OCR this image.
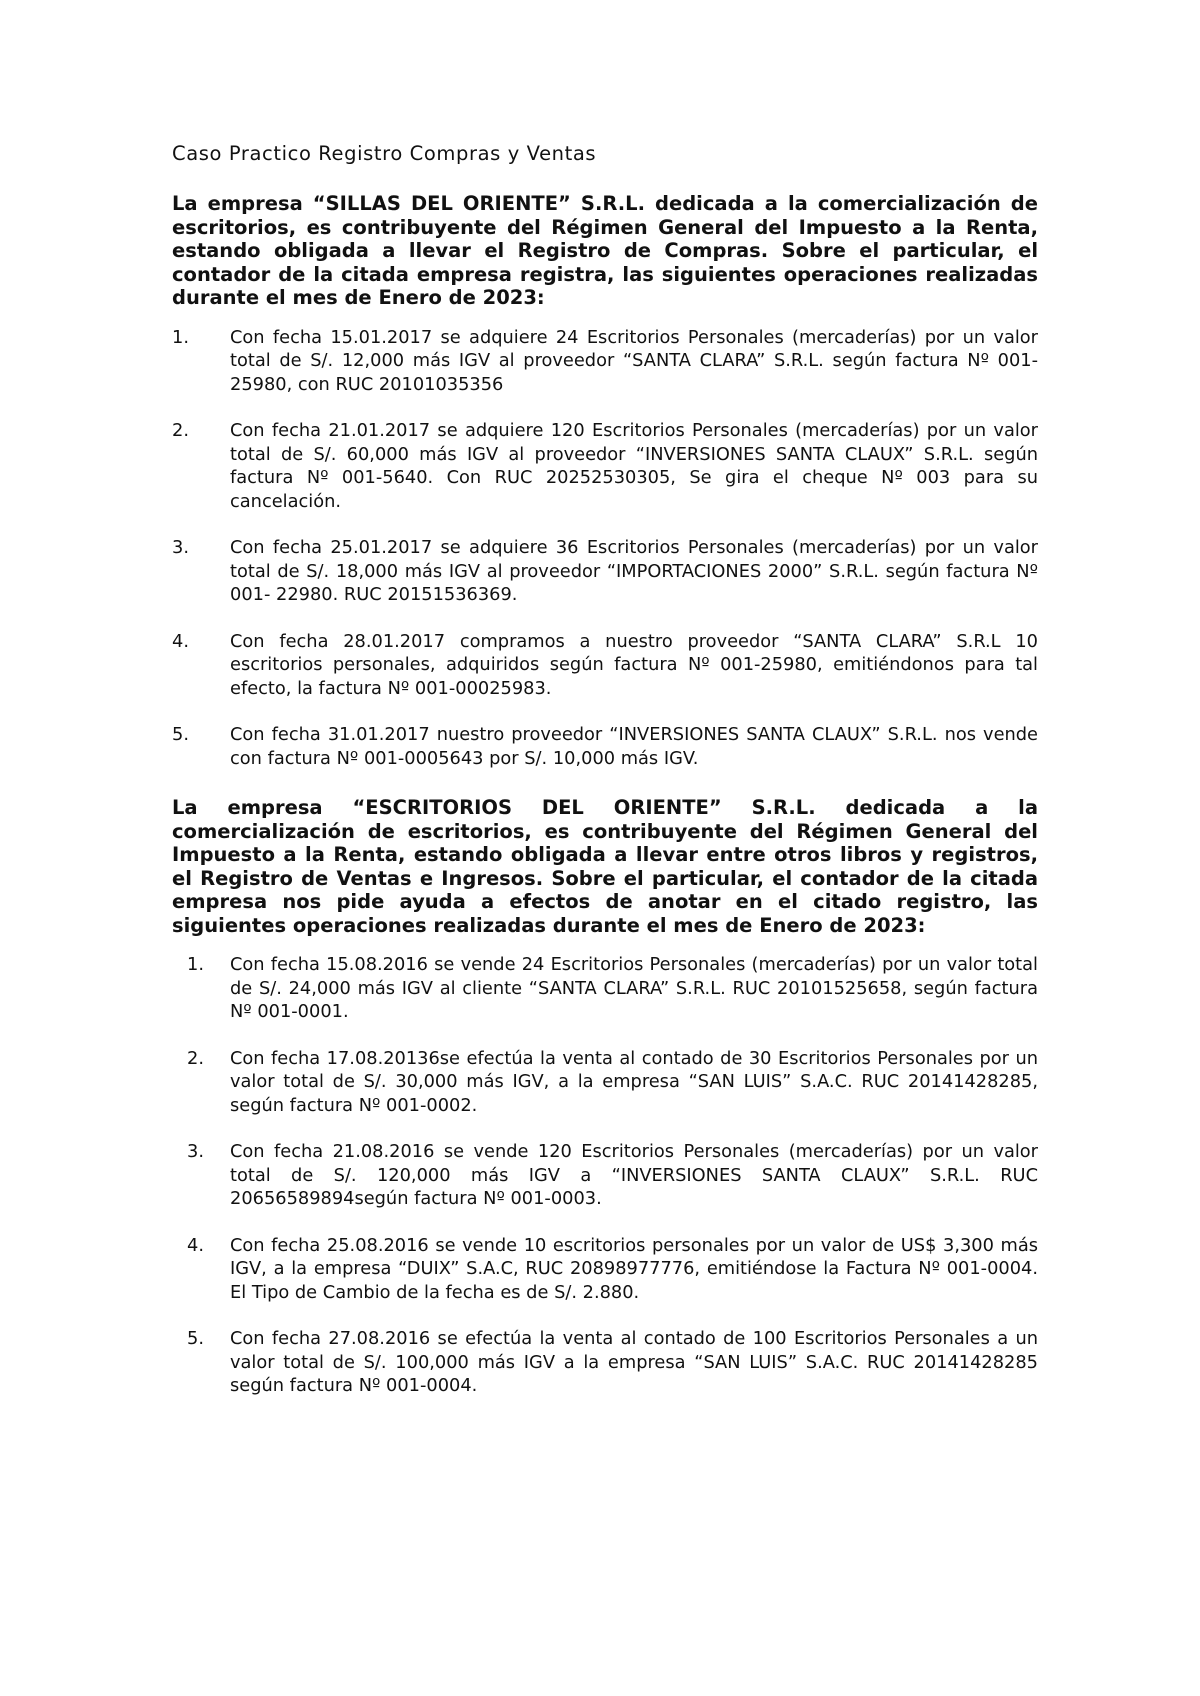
Caso Practico Registro Compras y Ventas

La empresa “SILLAS DEL ORIENTE” S.R.L. dedicada a la comercialización de escritorios, es contribuyente del Régimen General del Impuesto a la Renta, estando obligada a llevar el Registro de Compras. Sobre el particular, el contador de la citada empresa registra, las siguientes operaciones realizadas durante el mes de Enero de 2023:

1. Con fecha 15.01.2017 se adquiere 24 Escritorios Personales (mercaderías) por un valor total de S/. 12,000 más IGV al proveedor “SANTA CLARA” S.R.L. según factura Nº 001-25980, con RUC 20101035356
2. Con fecha 21.01.2017 se adquiere 120 Escritorios Personales (mercaderías) por un valor total de S/. 60,000 más IGV al proveedor “INVERSIONES SANTA CLAUX” S.R.L. según factura Nº 001-5640. Con RUC 20252530305, Se gira el cheque Nº 003 para su cancelación.
3. Con fecha 25.01.2017 se adquiere 36 Escritorios Personales (mercaderías) por un valor total de S/. 18,000 más IGV al proveedor “IMPORTACIONES 2000” S.R.L. según factura Nº 001- 22980. RUC 20151536369.
4. Con fecha 28.01.2017 compramos a nuestro proveedor “SANTA CLARA” S.R.L 10 escritorios personales, adquiridos según factura Nº 001-25980, emitiéndonos para tal efecto, la factura Nº 001-00025983.
5. Con fecha 31.01.2017 nuestro proveedor “INVERSIONES SANTA CLAUX” S.R.L. nos vende con factura Nº 001-0005643 por S/. 10,000 más IGV.

La empresa “ESCRITORIOS DEL ORIENTE” S.R.L. dedicada a la comercialización de escritorios, es contribuyente del Régimen General del Impuesto a la Renta, estando obligada a llevar entre otros libros y registros, el Registro de Ventas e Ingresos. Sobre el particular, el contador de la citada empresa nos pide ayuda a efectos de anotar en el citado registro, las siguientes operaciones realizadas durante el mes de Enero de 2023:

1. Con fecha 15.08.2016 se vende 24 Escritorios Personales (mercaderías) por un valor total de S/. 24,000 más IGV al cliente “SANTA CLARA” S.R.L. RUC 20101525658, según factura Nº 001-0001.
2. Con fecha 17.08.20136se efectúa la venta al contado de 30 Escritorios Personales por un valor total de S/. 30,000 más IGV, a la empresa “SAN LUIS” S.A.C. RUC 20141428285, según factura Nº 001-0002.
3. Con fecha 21.08.2016 se vende 120 Escritorios Personales (mercaderías) por un valor total de S/. 120,000 más IGV a “INVERSIONES SANTA CLAUX” S.R.L. RUC 20656589894según factura Nº 001-0003.
4. Con fecha 25.08.2016 se vende 10 escritorios personales por un valor de US$ 3,300 más IGV, a la empresa “DUIX” S.A.C, RUC 20898977776, emitiéndose la Factura Nº 001-0004. El Tipo de Cambio de la fecha es de S/. 2.880.
5. Con fecha 27.08.2016 se efectúa la venta al contado de 100 Escritorios Personales a un valor total de S/. 100,000 más IGV a la empresa “SAN LUIS” S.A.C. RUC 20141428285 según factura Nº 001-0004.
